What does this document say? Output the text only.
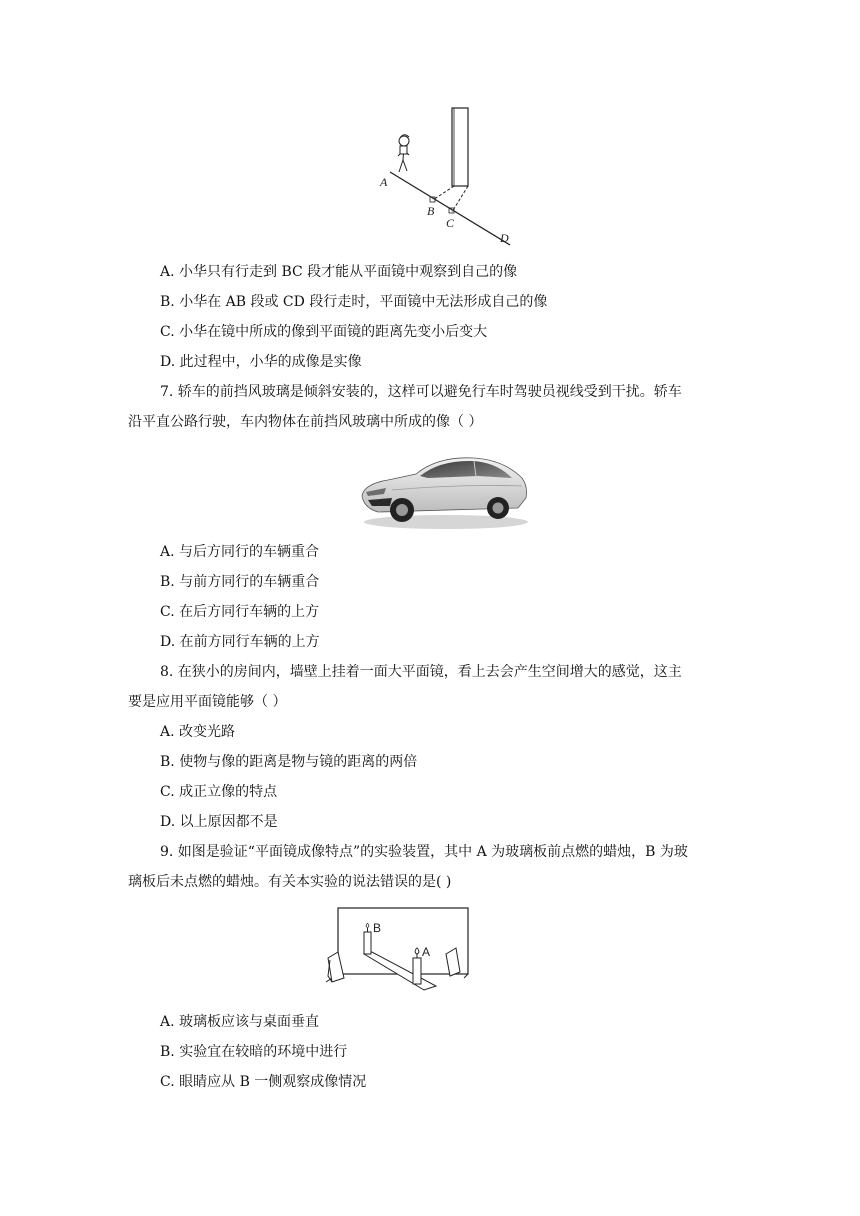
A
B
C
D
A. 小华只有行走到 BC 段才能从平面镜中观察到自己的像
B. 小华在 AB 段或 CD 段行走时，平面镜中无法形成自己的像
C. 小华在镜中所成的像到平面镜的距离先变小后变大
D. 此过程中，小华的成像是实像
7. 轿车的前挡风玻璃是倾斜安装的，这样可以避免行车时驾驶员视线受到干扰。轿车
沿平直公路行驶，车内物体在前挡风玻璃中所成的像（ ）
A. 与后方同行的车辆重合
B. 与前方同行的车辆重合
C. 在后方同行车辆的上方
D. 在前方同行车辆的上方
8. 在狭小的房间内，墙壁上挂着一面大平面镜，看上去会产生空间增大的感觉，这主
要是应用平面镜能够（ ）
A. 改变光路
B. 使物与像的距离是物与镜的距离的两倍
C. 成正立像的特点
D. 以上原因都不是
9. 如图是验证“平面镜成像特点”的实验装置，其中 A 为玻璃板前点燃的蜡烛，B 为玻
璃板后未点燃的蜡烛。有关本实验的说法错误的是( )
B
A
A. 玻璃板应该与桌面垂直
B. 实验宜在较暗的环境中进行
C. 眼睛应从 B 一侧观察成像情况
